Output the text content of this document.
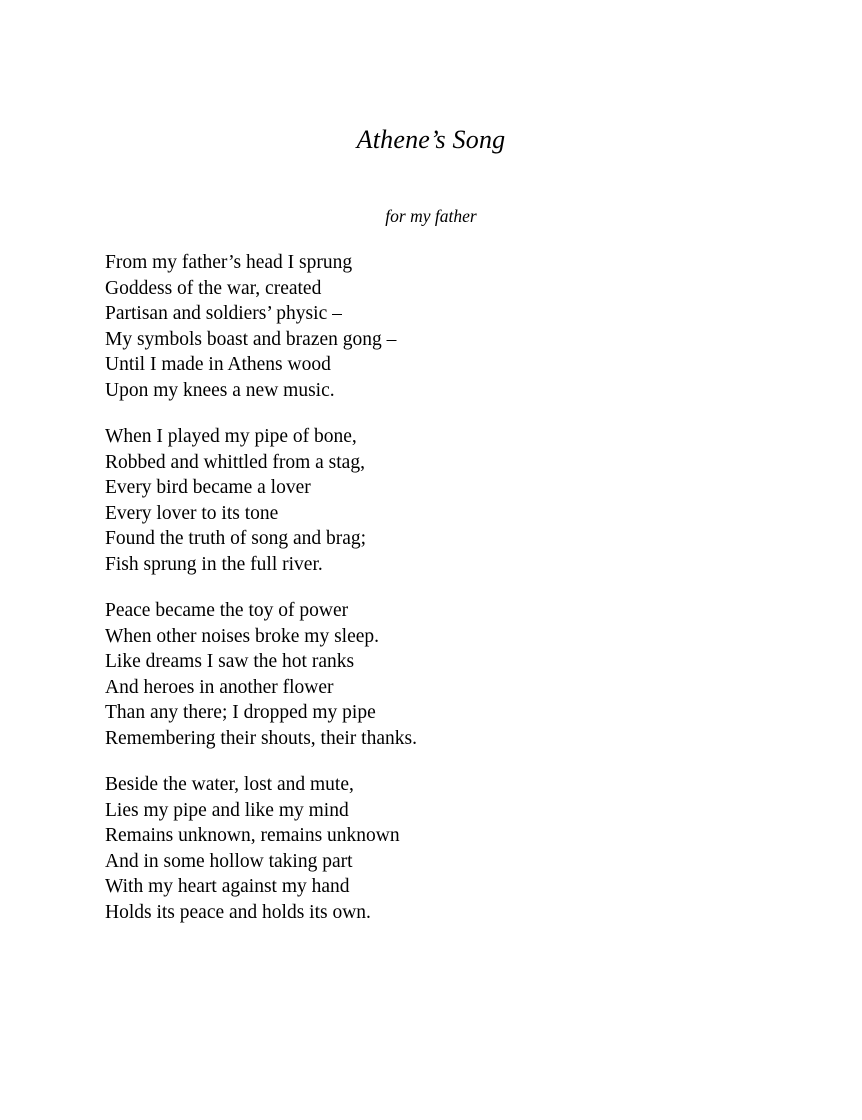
Athene’s Song

for my father

From my father’s head I sprung
Goddess of the war, created
Partisan and soldiers’ physic –
My symbols boast and brazen gong –
Until I made in Athens wood
Upon my knees a new music.
When I played my pipe of bone,
Robbed and whittled from a stag,
Every bird became a lover
Every lover to its tone
Found the truth of song and brag;
Fish sprung in the full river.
Peace became the toy of power
When other noises broke my sleep.
Like dreams I saw the hot ranks
And heroes in another flower
Than any there; I dropped my pipe
Remembering their shouts, their thanks.
Beside the water, lost and mute,
Lies my pipe and like my mind
Remains unknown, remains unknown
And in some hollow taking part
With my heart against my hand
Holds its peace and holds its own.
